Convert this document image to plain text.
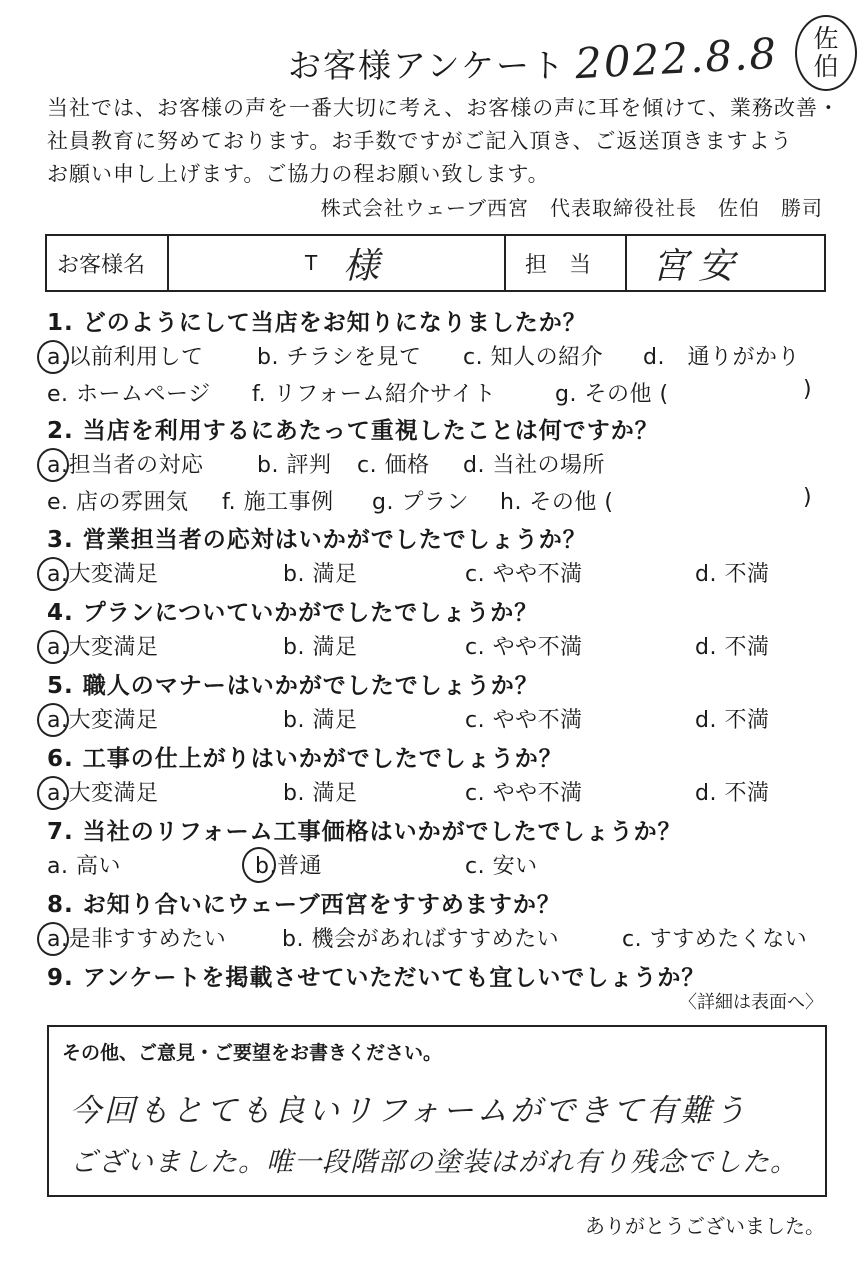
お客様アンケート 2022.8.8 佐
伯
当社では、お客様の声を一番大切に考え、お客様の声に耳を傾けて、業務改善・
社員教育に努めております。お手数ですがご記入頂き、ご返送頂きますよう
お願い申し上げます。ご協力の程お願い致します。
株式会社ウェーブ西宮　代表取締役社長　佐伯　勝司
お客様名	T 様	担　当 宮安
1. どのようにして当店をお知りになりましたか？
a.以前利用して b. チラシを見て c. 知人の紹介 d.　通りがかり
e. ホームページ f. リフォーム紹介サイト	g. その他 (	)
2. 当店を利用するにあたって重視したことは何ですか？
a.担当者の対応 b. 評判 c. 価格 d. 当社の場所
e. 店の雰囲気 f. 施工事例 g. プラン h. その他 (	)
3. 営業担当者の応対はいかがでしたでしょうか？
a.大変満足	b. 満足	c. やや不満	d. 不満
4. プランについていかがでしたでしょうか？
a.大変満足	b. 満足	c. やや不満	d. 不満
5. 職人のマナーはいかがでしたでしょうか？
a.大変満足	b. 満足	c. やや不満	d. 不満
6. 工事の仕上がりはいかがでしたでしょうか？
a.大変満足	b. 満足	c. やや不満	d. 不満
7. 当社のリフォーム工事価格はいかがでしたでしょうか？
a. 高い	b.普通	c. 安い
8. お知り合いにウェーブ西宮をすすめますか？
a.是非すすめたい	b. 機会があればすすめたい	c. すすめたくない
9. アンケートを掲載させていただいても宜しいでしょうか？
〈詳細は表面へ〉
その他、ご意見・ご要望をお書きください。
今回もとても良いリフォームができて有難う
ございました。唯一段階部の塗装はがれ有り残念でした。
ありがとうございました。
